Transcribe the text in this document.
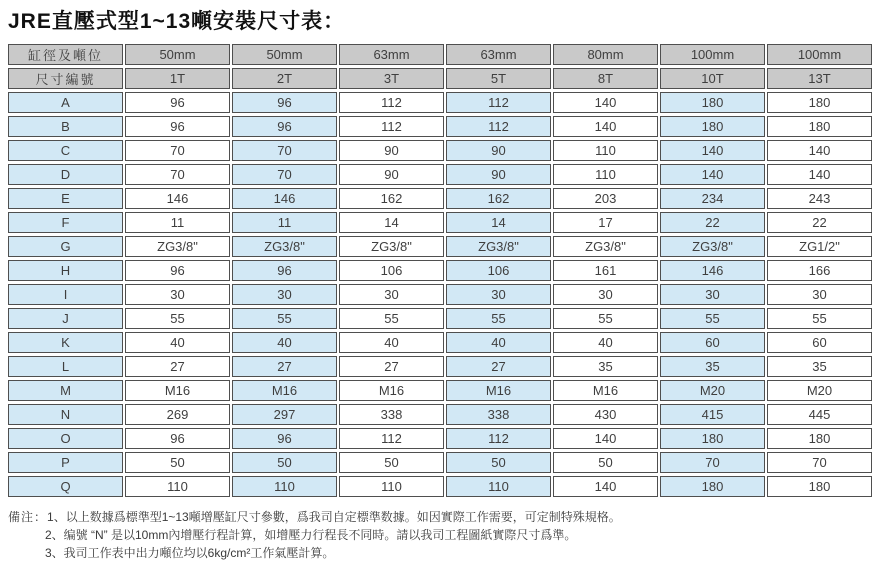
JRE直壓式型1~13噸安裝尺寸表：
缸徑及噸位	50mm	50mm	63mm	63mm	80mm	100mm	100mm
尺寸編號	1T	2T	3T	5T	8T	10T	13T
A	96	96	112	112	140	180	180
B	96	96	112	112	140	180	180
C	70	70	90	90	110	140	140
D	70	70	90	90	110	140	140
E	146	146	162	162	203	234	243
F	11	11	14	14	17	22	22
G	ZG3/8"	ZG3/8"	ZG3/8"	ZG3/8"	ZG3/8"	ZG3/8"	ZG1/2"
H	96	96	106	106	161	146	166
I	30	30	30	30	30	30	30
J	55	55	55	55	55	55	55
K	40	40	40	40	40	60	60
L	27	27	27	27	35	35	35
M	M16	M16	M16	M16	M16	M20	M20
N	269	297	338	338	430	415	445
O	96	96	112	112	140	180	180
P	50	50	50	50	50	70	70
Q	110	110	110	110	140	180	180
備注：1、以上数據爲標準型1~13噸增壓缸尺寸參數，爲我司自定標準数據。如因實際工作需要，可定制特殊規格。
2、编號 “N” 是以10mm內增壓行程計算，如增壓力行程長不同時。請以我司工程圖紙實際尺寸爲準。
3、我司工作表中出力噸位均以6kg/cm²工作氣壓計算。
